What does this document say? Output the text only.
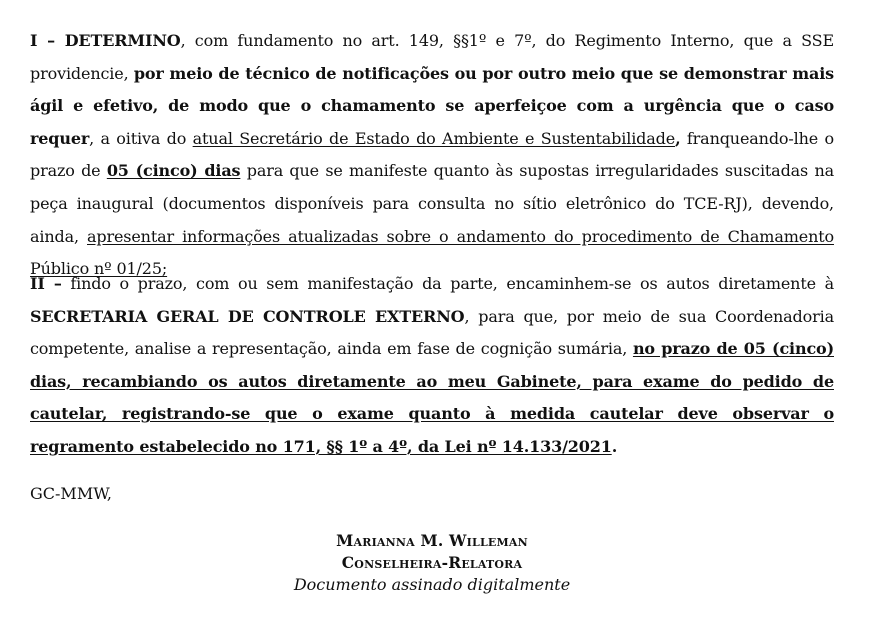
I – DETERMINO, com fundamento no art. 149, §§1º e 7º, do Regimento Interno, que a SSE providencie, por meio de técnico de notificações ou por outro meio que se demonstrar mais ágil e efetivo, de modo que o chamamento se aperfeiçoe com a urgência que o caso requer, a oitiva do atual Secretário de Estado do Ambiente e Sustentabilidade, franqueando-lhe o prazo de 05 (cinco) dias para que se manifeste quanto às supostas irregularidades suscitadas na peça inaugural (documentos disponíveis para consulta no sítio eletrônico do TCE-RJ), devendo, ainda, apresentar informações atualizadas sobre o andamento do procedimento de Chamamento Público nº 01/25;

II – findo o prazo, com ou sem manifestação da parte, encaminhem-se os autos diretamente à SECRETARIA GERAL DE CONTROLE EXTERNO, para que, por meio de sua Coordenadoria competente, analise a representação, ainda em fase de cognição sumária, no prazo de 05 (cinco) dias, recambiando os autos diretamente ao meu Gabinete, para exame do pedido de cautelar, registrando-se que o exame quanto à medida cautelar deve observar o regramento estabelecido no 171, §§ 1º a 4º, da Lei nº 14.133/2021.

GC-MMW,

Marianna M. Willeman
Conselheira-Relatora
Documento assinado digitalmente
